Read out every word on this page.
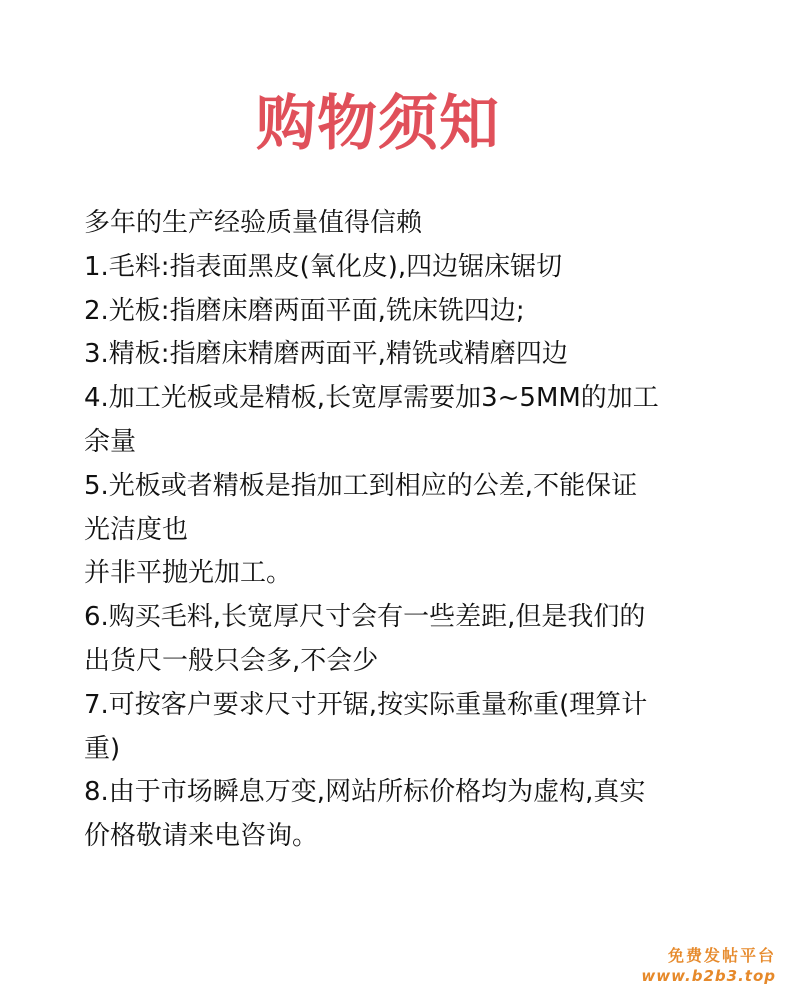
购物须知
多年的生产经验质量值得信赖
1.毛料:指表面黑皮(氧化皮),四边锯床锯切
2.光板:指磨床磨两面平面,铣床铣四边;
3.精板:指磨床精磨两面平,精铣或精磨四边
4.加工光板或是精板,长宽厚需要加3~5MM的加工
余量
5.光板或者精板是指加工到相应的公差,不能保证
光洁度也
并非平抛光加工。
6.购买毛料,长宽厚尺寸会有一些差距,但是我们的
出货尺一般只会多,不会少
7.可按客户要求尺寸开锯,按实际重量称重(理算计
重)
8.由于市场瞬息万变,网站所标价格均为虚构,真实
价格敬请来电咨询。
免费发帖平台
www.b2b3.top
